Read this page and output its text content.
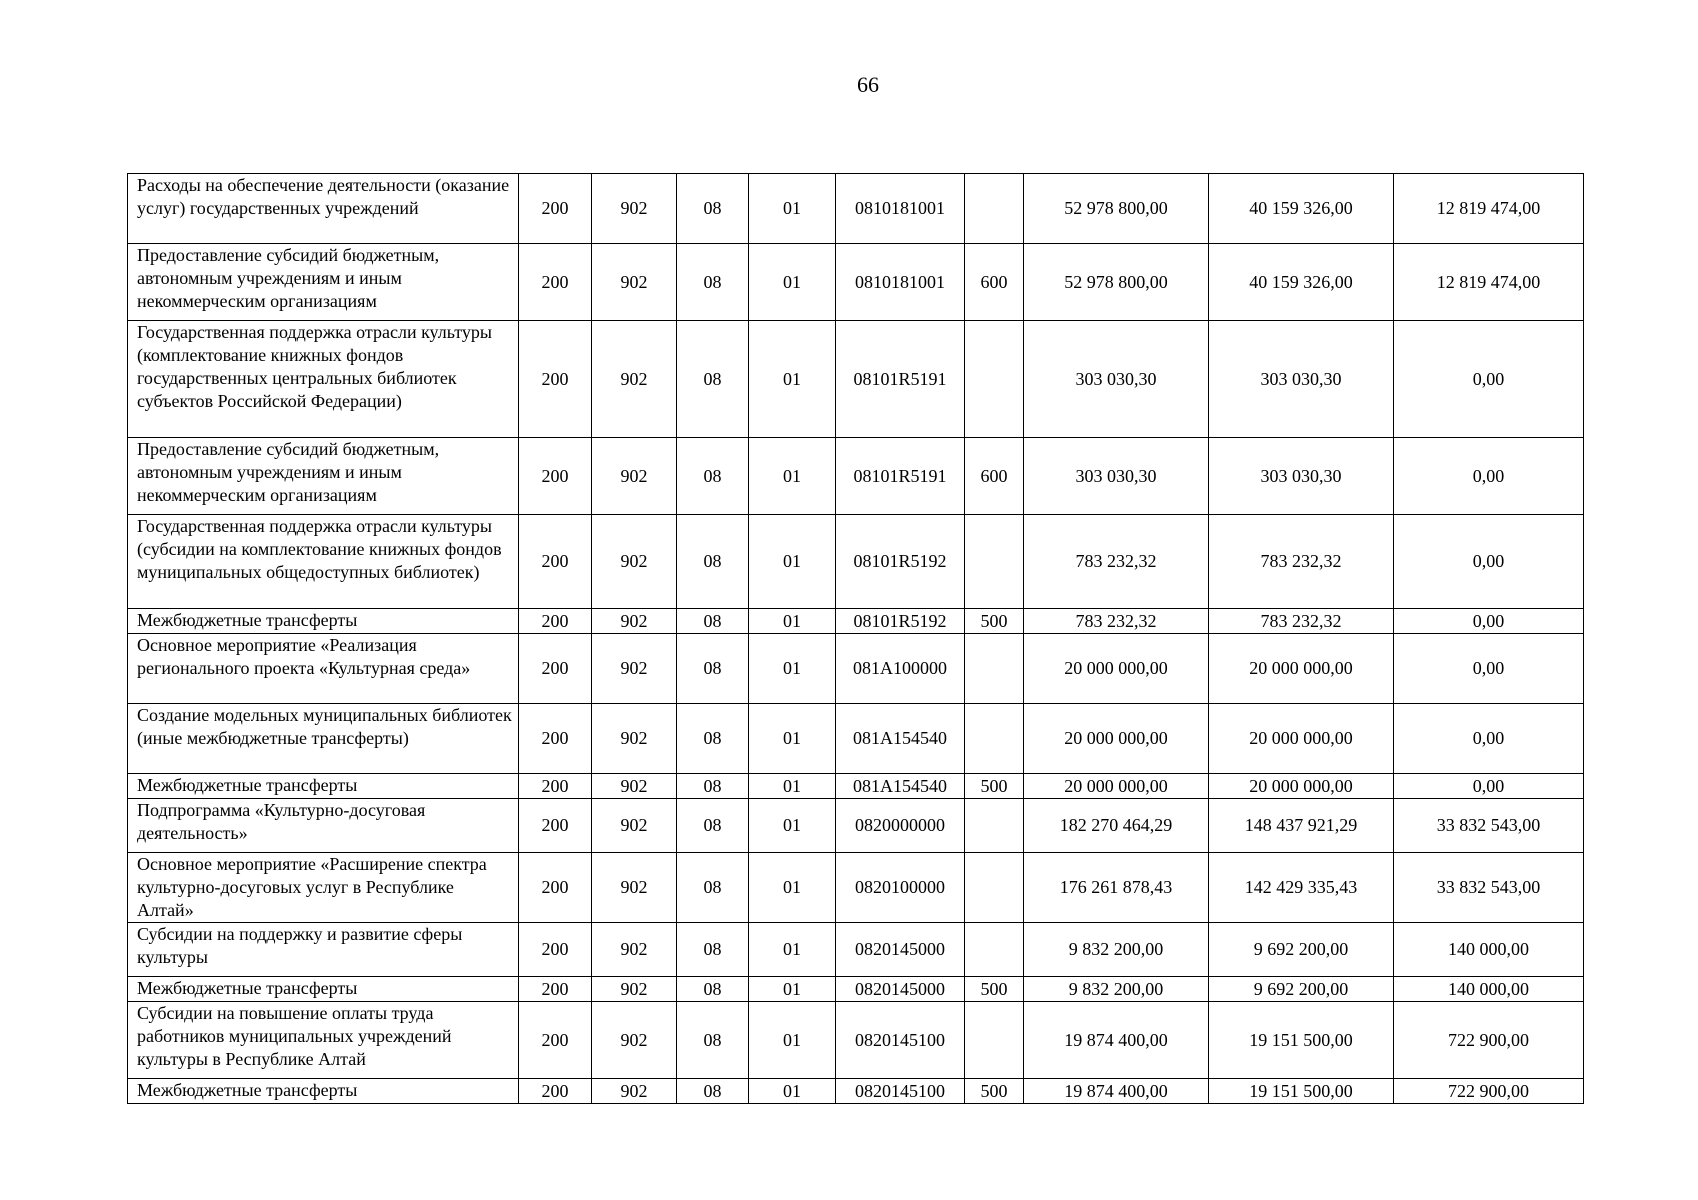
66
Расходы на обеспечение деятельности (оказание услуг) государственных учреждений	200	902	08	01	0810181001		52 978 800,00	40 159 326,00	12 819 474,00
Предоставление субсидий бюджетным, автономным учреждениям и иным некоммерческим организациям	200	902	08	01	0810181001	600	52 978 800,00	40 159 326,00	12 819 474,00
Государственная поддержка отрасли культуры (комплектование книжных фондов государственных центральных библиотек субъектов Российской Федерации)	200	902	08	01	08101R5191		303 030,30	303 030,30	0,00
Предоставление субсидий бюджетным, автономным учреждениям и иным некоммерческим организациям	200	902	08	01	08101R5191	600	303 030,30	303 030,30	0,00
Государственная поддержка отрасли культуры (субсидии на комплектование книжных фондов муниципальных общедоступных библиотек)	200	902	08	01	08101R5192		783 232,32	783 232,32	0,00
Межбюджетные трансферты	200	902	08	01	08101R5192	500	783 232,32	783 232,32	0,00
Основное мероприятие «Реализация регионального проекта «Культурная среда»	200	902	08	01	081A100000		20 000 000,00	20 000 000,00	0,00
Создание модельных муниципальных библиотек (иные межбюджетные трансферты)	200	902	08	01	081A154540		20 000 000,00	20 000 000,00	0,00
Межбюджетные трансферты	200	902	08	01	081A154540	500	20 000 000,00	20 000 000,00	0,00
Подпрограмма «Культурно-досуговая деятельность»	200	902	08	01	0820000000		182 270 464,29	148 437 921,29	33 832 543,00
Основное мероприятие «Расширение спектра культурно-досуговых услуг в Республике Алтай»	200	902	08	01	0820100000		176 261 878,43	142 429 335,43	33 832 543,00
Субсидии на поддержку и развитие сферы культуры	200	902	08	01	0820145000		9 832 200,00	9 692 200,00	140 000,00
Межбюджетные трансферты	200	902	08	01	0820145000	500	9 832 200,00	9 692 200,00	140 000,00
Субсидии на повышение оплаты труда работников муниципальных учреждений культуры в Республике Алтай	200	902	08	01	0820145100		19 874 400,00	19 151 500,00	722 900,00
Межбюджетные трансферты	200	902	08	01	0820145100	500	19 874 400,00	19 151 500,00	722 900,00
